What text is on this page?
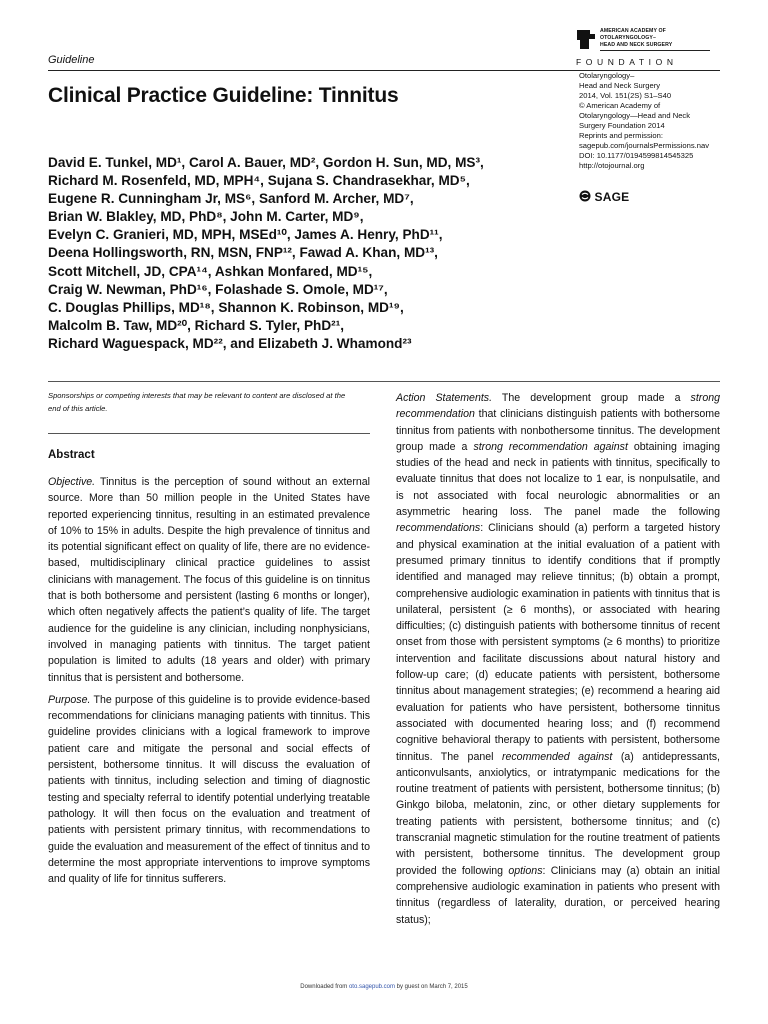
Guideline
AMERICAN ACADEMY OF
OTOLARYNGOLOGY–
HEAD AND NECK SURGERY
FOUNDATION
Clinical Practice Guideline: Tinnitus
Otolaryngology–
Head and Neck Surgery
2014, Vol. 151(2S) S1–S40
© American Academy of
Otolaryngology—Head and Neck
Surgery Foundation 2014
Reprints and permission:
sagepub.com/journalsPermissions.nav
DOI: 10.1177/0194599814545325
http://otojournal.org
SAGE
David E. Tunkel, MD¹, Carol A. Bauer, MD², Gordon H. Sun, MD, MS³,
Richard M. Rosenfeld, MD, MPH⁴, Sujana S. Chandrasekhar, MD⁵,
Eugene R. Cunningham Jr, MS⁶, Sanford M. Archer, MD⁷,
Brian W. Blakley, MD, PhD⁸, John M. Carter, MD⁹,
Evelyn C. Granieri, MD, MPH, MSEd¹⁰, James A. Henry, PhD¹¹,
Deena Hollingsworth, RN, MSN, FNP¹², Fawad A. Khan, MD¹³,
Scott Mitchell, JD, CPA¹⁴, Ashkan Monfared, MD¹⁵,
Craig W. Newman, PhD¹⁶, Folashade S. Omole, MD¹⁷,
C. Douglas Phillips, MD¹⁸, Shannon K. Robinson, MD¹⁹,
Malcolm B. Taw, MD²⁰, Richard S. Tyler, PhD²¹,
Richard Waguespack, MD²², and Elizabeth J. Whamond²³
Sponsorships or competing interests that may be relevant to content are disclosed at the end of this article.
Abstract

Objective. Tinnitus is the perception of sound without an external source. More than 50 million people in the United States have reported experiencing tinnitus, resulting in an estimated prevalence of 10% to 15% in adults. Despite the high prevalence of tinnitus and its potential significant effect on quality of life, there are no evidence-based, multidisciplinary clinical practice guidelines to assist clinicians with management. The focus of this guideline is on tinnitus that is both bothersome and persistent (lasting 6 months or longer), which often negatively affects the patient’s quality of life. The target audience for the guideline is any clinician, including nonphysicians, involved in managing patients with tinnitus. The target patient population is limited to adults (18 years and older) with primary tinnitus that is persistent and bothersome.

Purpose. The purpose of this guideline is to provide evidence-based recommendations for clinicians managing patients with tinnitus. This guideline provides clinicians with a logical framework to improve patient care and mitigate the personal and social effects of persistent, bothersome tinnitus. It will discuss the evaluation of patients with tinnitus, including selection and timing of diagnostic testing and specialty referral to identify potential underlying treatable pathology. It will then focus on the evaluation and treatment of patients with persistent primary tinnitus, with recommendations to guide the evaluation and measurement of the effect of tinnitus and to determine the most appropriate interventions to improve symptoms and quality of life for tinnitus sufferers.

Action Statements. The development group made a strong recommendation that clinicians distinguish patients with bothersome tinnitus from patients with nonbothersome tinnitus. The development group made a strong recommendation against obtaining imaging studies of the head and neck in patients with tinnitus, specifically to evaluate tinnitus that does not localize to 1 ear, is nonpulsatile, and is not associated with focal neurologic abnormalities or an asymmetric hearing loss. The panel made the following recommendations: Clinicians should (a) perform a targeted history and physical examination at the initial evaluation of a patient with presumed primary tinnitus to identify conditions that if promptly identified and managed may relieve tinnitus; (b) obtain a prompt, comprehensive audiologic examination in patients with tinnitus that is unilateral, persistent (≥ 6 months), or associated with hearing difficulties; (c) distinguish patients with bothersome tinnitus of recent onset from those with persistent symptoms (≥ 6 months) to prioritize intervention and facilitate discussions about natural history and follow-up care; (d) educate patients with persistent, bothersome tinnitus about management strategies; (e) recommend a hearing aid evaluation for patients who have persistent, bothersome tinnitus associated with documented hearing loss; and (f) recommend cognitive behavioral therapy to patients with persistent, bothersome tinnitus. The panel recommended against (a) antidepressants, anticonvulsants, anxiolytics, or intratympanic medications for the routine treatment of patients with persistent, bothersome tinnitus; (b) Ginkgo biloba, melatonin, zinc, or other dietary supplements for treating patients with persistent, bothersome tinnitus; and (c) transcranial magnetic stimulation for the routine treatment of patients with persistent, bothersome tinnitus. The development group provided the following options: Clinicians may (a) obtain an initial comprehensive audiologic examination in patients who present with tinnitus (regardless of laterality, duration, or perceived hearing status);

Downloaded from oto.sagepub.com by guest on March 7, 2015
